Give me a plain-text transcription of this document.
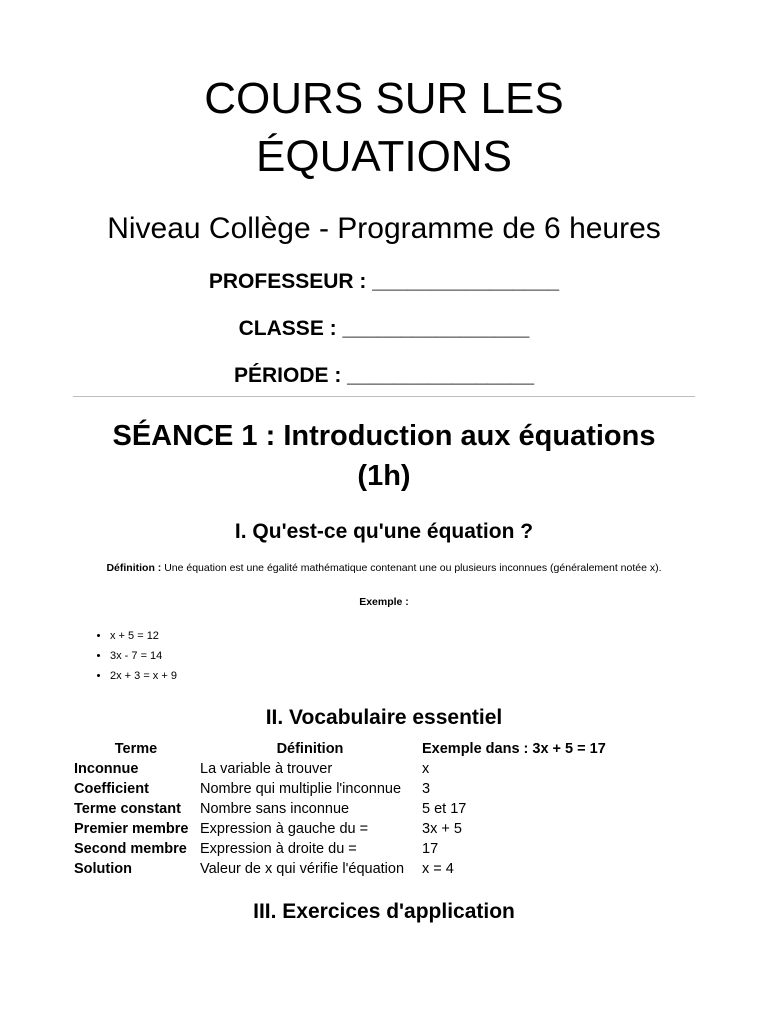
COURS SUR LES
ÉQUATIONS

Niveau Collège - Programme de 6 heures

PROFESSEUR : ________________

CLASSE : ________________

PÉRIODE : ________________

SÉANCE 1 : Introduction aux équations
(1h)
I. Qu'est-ce qu'une équation ?

Définition : Une équation est une égalité mathématique contenant une ou plusieurs inconnues (généralement notée x).

Exemple :

• x + 5 = 12
• 3x - 7 = 14
• 2x + 3 = x + 9
II. Vocabulaire essentiel
Terme	Définition	Exemple dans : 3x + 5 = 17
Inconnue	La variable à trouver	x
Coefficient	Nombre qui multiplie l'inconnue	3
Terme constant	Nombre sans inconnue	5 et 17
Premier membre	Expression à gauche du =	3x + 5
Second membre	Expression à droite du =	17
Solution	Valeur de x qui vérifie l'équation	x = 4
III. Exercices d'application
